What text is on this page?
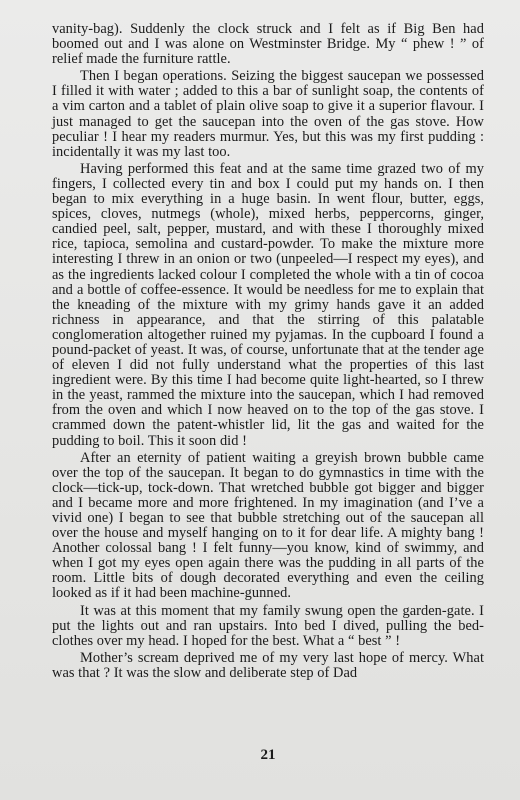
vanity-bag). Suddenly the clock struck and I felt as if Big Ben had boomed out and I was alone on Westminster Bridge. My “ phew ! ” of relief made the furniture rattle.

Then I began operations. Seizing the biggest saucepan we possessed I filled it with water ; added to this a bar of sunlight soap, the contents of a vim carton and a tablet of plain olive soap to give it a superior flavour. I just managed to get the saucepan into the oven of the gas stove. How peculiar ! I hear my readers murmur. Yes, but this was my first pudding : incidentally it was my last too.

Having performed this feat and at the same time grazed two of my fingers, I collected every tin and box I could put my hands on. I then began to mix everything in a huge basin. In went flour, butter, eggs, spices, cloves, nutmegs (whole), mixed herbs, peppercorns, ginger, candied peel, salt, pepper, mustard, and with these I thoroughly mixed rice, tapioca, semolina and custard-powder. To make the mixture more interesting I threw in an onion or two (unpeeled—I respect my eyes), and as the ingredients lacked colour I completed the whole with a tin of cocoa and a bottle of coffee-essence. It would be needless for me to explain that the kneading of the mixture with my grimy hands gave it an added richness in appearance, and that the stirring of this palatable conglomeration altogether ruined my pyjamas. In the cupboard I found a pound-packet of yeast. It was, of course, unfortunate that at the tender age of eleven I did not fully understand what the properties of this last ingredient were. By this time I had become quite light-hearted, so I threw in the yeast, rammed the mixture into the saucepan, which I had removed from the oven and which I now heaved on to the top of the gas stove. I crammed down the patent-whistler lid, lit the gas and waited for the pudding to boil. This it soon did !

After an eternity of patient waiting a greyish brown bubble came over the top of the saucepan. It began to do gymnastics in time with the clock—tick-up, tock-down. That wretched bubble got bigger and bigger and I became more and more frightened. In my imagination (and I’ve a vivid one) I began to see that bubble stretching out of the saucepan all over the house and myself hanging on to it for dear life. A mighty bang ! Another colossal bang ! I felt funny—you know, kind of swimmy, and when I got my eyes open again there was the pudding in all parts of the room. Little bits of dough decorated everything and even the ceiling looked as if it had been machine-gunned.

It was at this moment that my family swung open the garden-gate. I put the lights out and ran upstairs. Into bed I dived, pulling the bed-clothes over my head. I hoped for the best. What a “ best ” !

Mother’s scream deprived me of my very last hope of mercy. What was that ? It was the slow and deliberate step of Dad

21
